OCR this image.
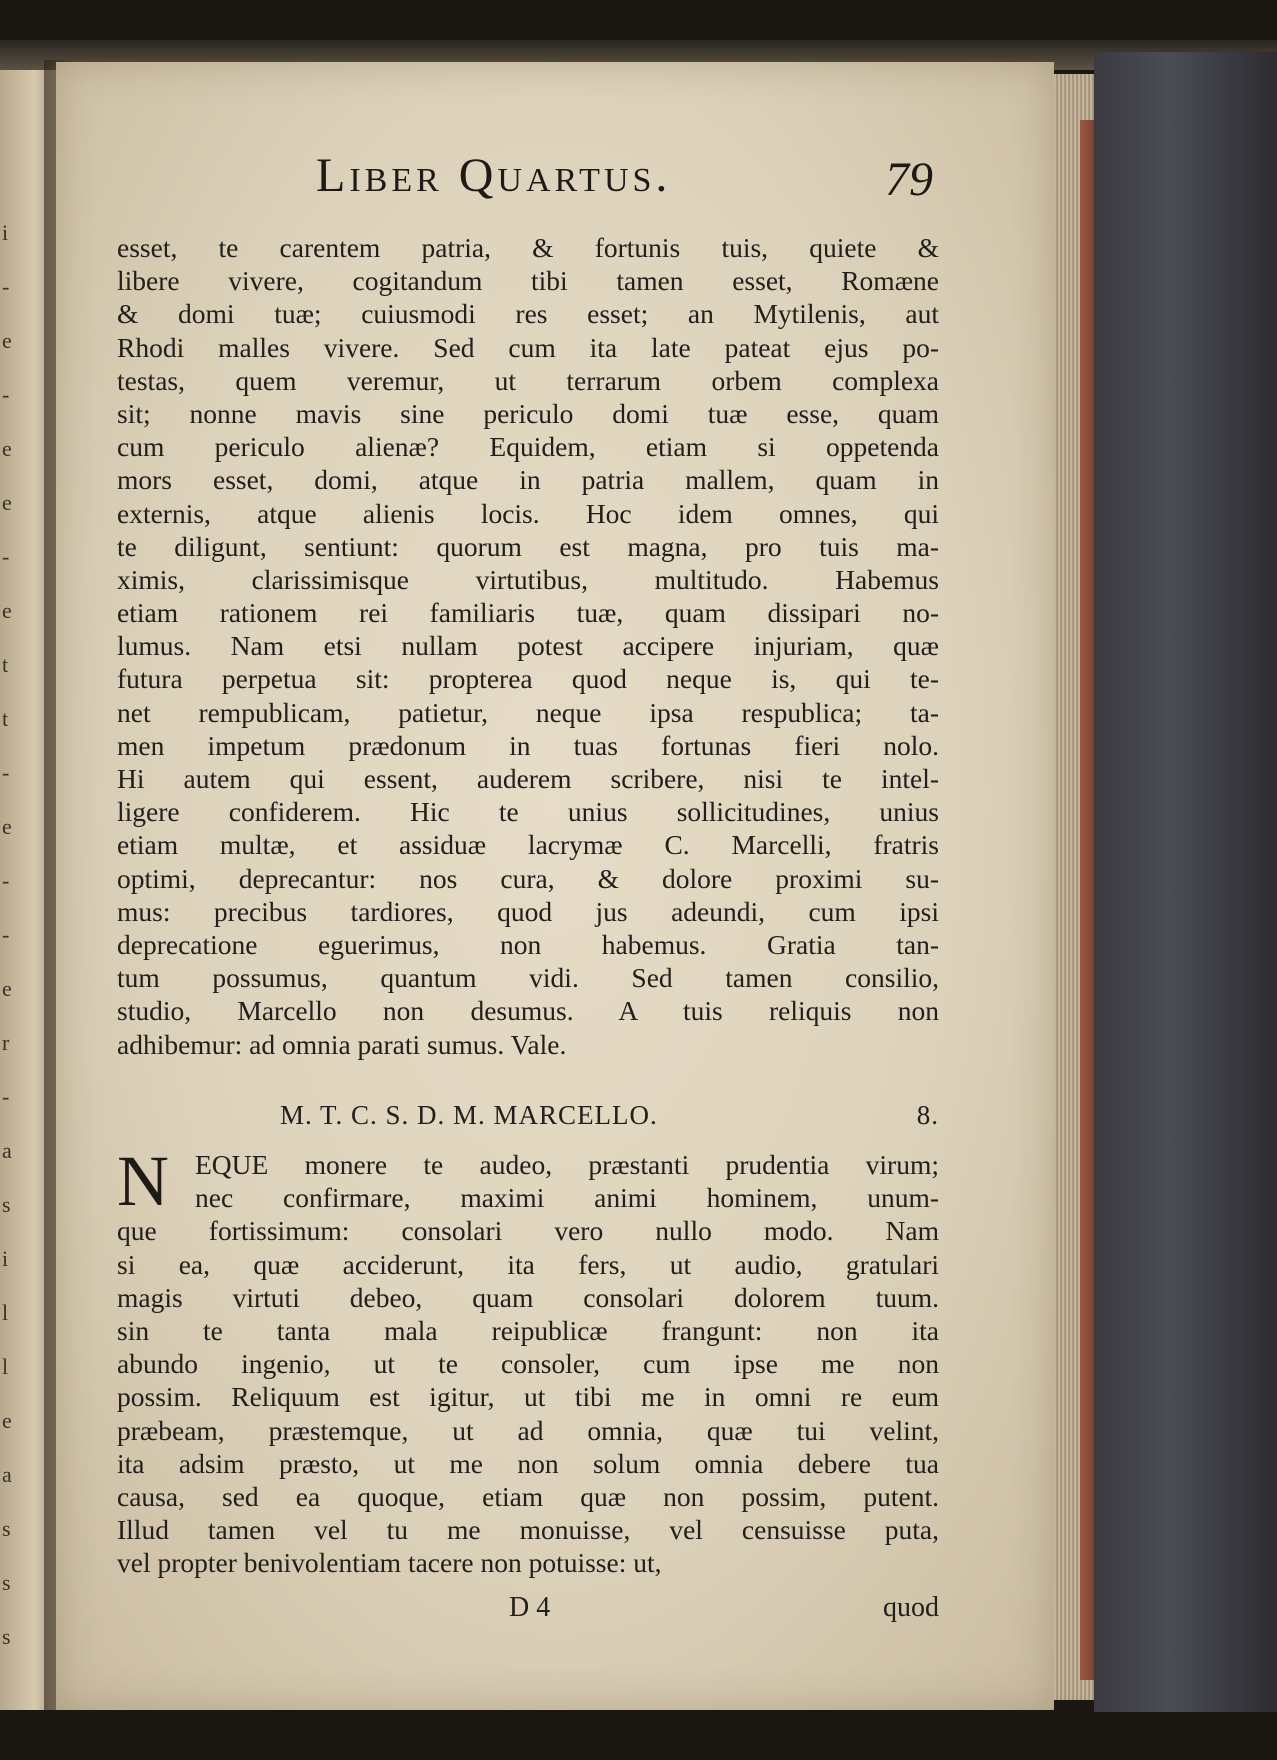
i
-
e
-
e
e
-
e
t
t
-
e
-
-
e
r
-
a
s
i
l
l
e
a
s
s
s
Liber Quartus.	79
esset, te carentem patria, & fortunis tuis, quiete &
libere vivere, cogitandum tibi tamen esset, Romæne
& domi tuæ; cuiusmodi res esset; an Mytilenis, aut
Rhodi malles vivere. Sed cum ita late pateat ejus po-
testas, quem veremur, ut terrarum orbem complexa
sit; nonne mavis sine periculo domi tuæ esse, quam
cum periculo alienæ? Equidem, etiam si oppetenda
mors esset, domi, atque in patria mallem, quam in
externis, atque alienis locis. Hoc idem omnes, qui
te diligunt, sentiunt: quorum est magna, pro tuis ma-
ximis, clarissimisque virtutibus, multitudo. Habemus
etiam rationem rei familiaris tuæ, quam dissipari no-
lumus. Nam etsi nullam potest accipere injuriam, quæ
futura perpetua sit: propterea quod neque is, qui te-
net rempublicam, patietur, neque ipsa respublica; ta-
men impetum prædonum in tuas fortunas fieri nolo.
Hi autem qui essent, auderem scribere, nisi te intel-
ligere confiderem. Hic te unius sollicitudines, unius
etiam multæ, et assiduæ lacrymæ C. Marcelli, fratris
optimi, deprecantur: nos cura, & dolore proximi su-
mus: precibus tardiores, quod jus adeundi, cum ipsi
deprecatione eguerimus, non habemus. Gratia tan-
tum possumus, quantum vidi. Sed tamen consilio,
studio, Marcello non desumus. A tuis reliquis non
adhibemur: ad omnia parati sumus. Vale.
M. T. C. S. D. M. MARCELLO.	8.
N EQUE monere te audeo, præstanti prudentia virum;
nec confirmare, maximi animi hominem, unum-
que fortissimum: consolari vero nullo modo. Nam
si ea, quæ acciderunt, ita fers, ut audio, gratulari
magis virtuti debeo, quam consolari dolorem tuum.
sin te tanta mala reipublicæ frangunt: non ita
abundo ingenio, ut te consoler, cum ipse me non
possim. Reliquum est igitur, ut tibi me in omni re eum
præbeam, præstemque, ut ad omnia, quæ tui velint,
ita adsim præsto, ut me non solum omnia debere tua
causa, sed ea quoque, etiam quæ non possim, putent.
Illud tamen vel tu me monuisse, vel censuisse puta,
vel propter benivolentiam tacere non potuisse: ut,
D 4	quod
